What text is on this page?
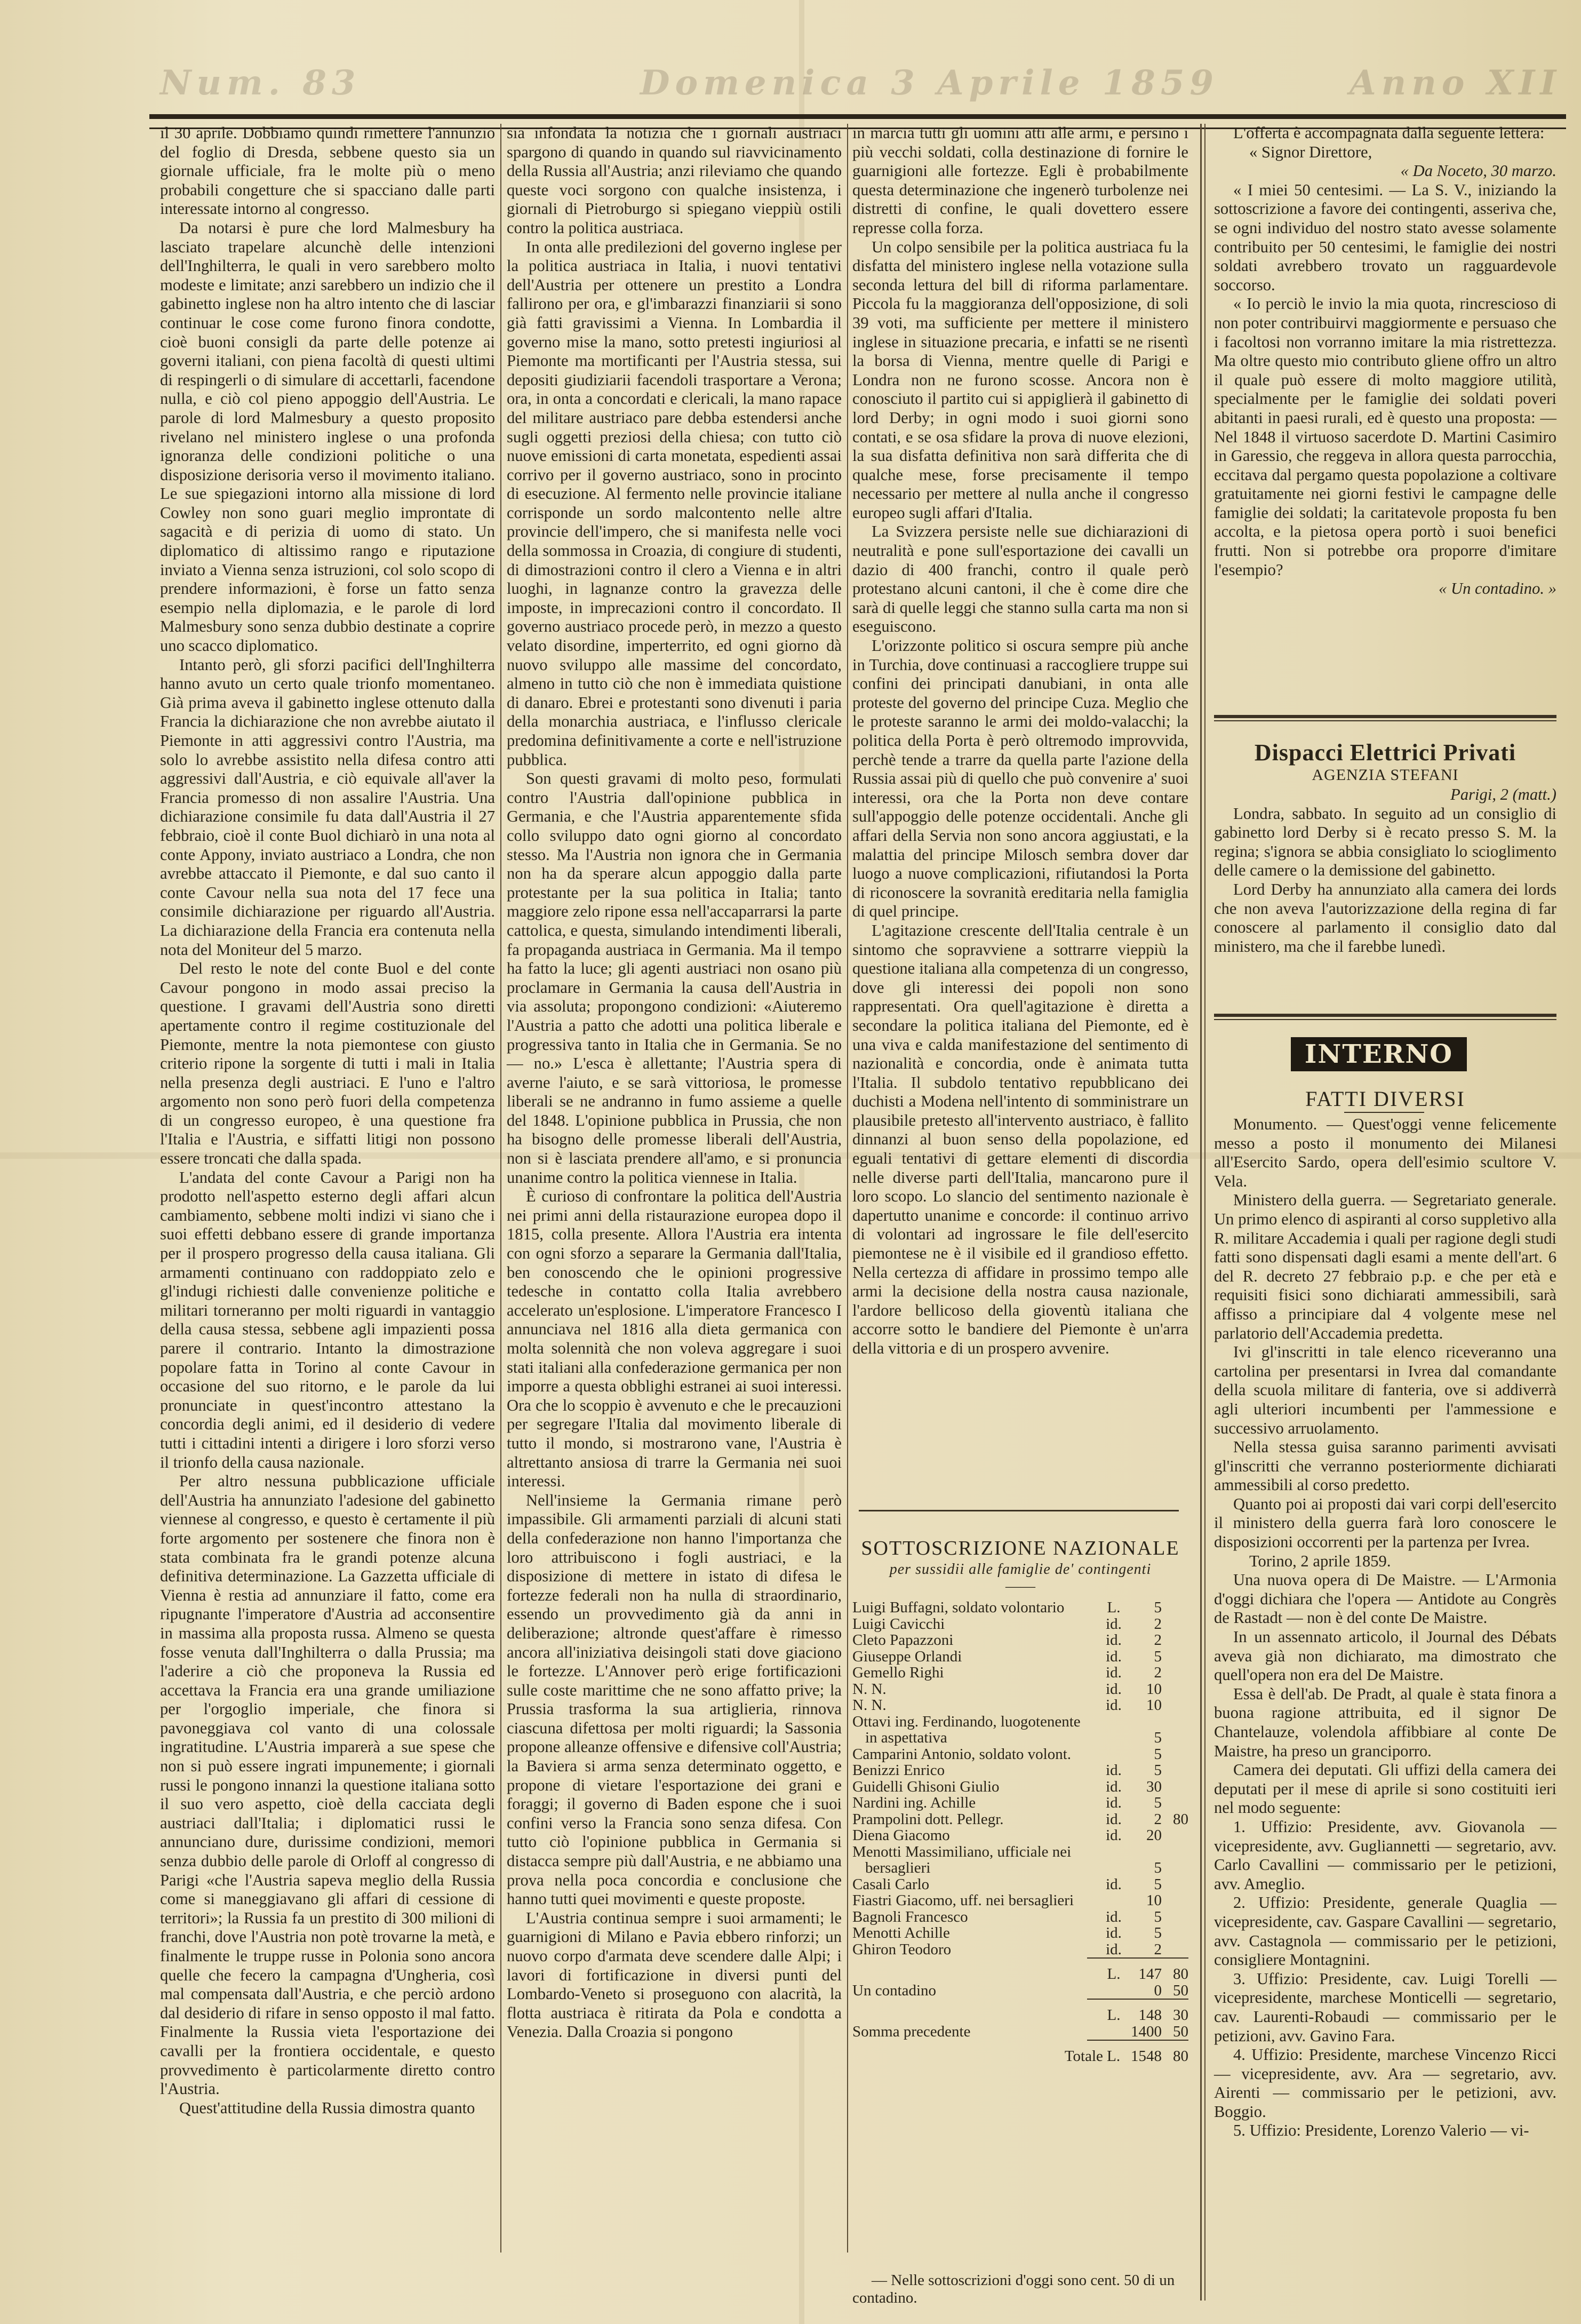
Num. 83	Domenica 3 Aprile 1859	Anno XII

il 30 aprile. Dobbiamo quindi rimettere l'annunzio del foglio di Dresda, sebbene questo sia un giornale ufficiale, fra le molte più o meno probabili congetture che si spacciano dalle parti interessate intorno al congresso.

Da notarsi è pure che lord Malmesbury ha lasciato trapelare alcunchè delle intenzioni dell'Inghilterra, le quali in vero sarebbero molto modeste e limitate; anzi sarebbero un indizio che il gabinetto inglese non ha altro intento che di lasciar continuar le cose come furono finora condotte, cioè buoni consigli da parte delle potenze ai governi italiani, con piena facoltà di questi ultimi di respingerli o di simulare di accettarli, facendone nulla, e ciò col pieno appoggio dell'Austria. Le parole di lord Malmesbury a questo proposito rivelano nel ministero inglese o una profonda ignoranza delle condizioni politiche o una disposizione derisoria verso il movimento italiano. Le sue spiegazioni intorno alla missione di lord Cowley non sono guari meglio improntate di sagacità e di perizia di uomo di stato. Un diplomatico di altissimo rango e riputazione inviato a Vienna senza istruzioni, col solo scopo di prendere informazioni, è forse un fatto senza esempio nella diplomazia, e le parole di lord Malmesbury sono senza dubbio destinate a coprire uno scacco diplomatico.

Intanto però, gli sforzi pacifici dell'Inghilterra hanno avuto un certo quale trionfo momentaneo. Già prima aveva il gabinetto inglese ottenuto dalla Francia la dichiarazione che non avrebbe aiutato il Piemonte in atti aggressivi contro l'Austria, ma solo lo avrebbe assistito nella difesa contro atti aggressivi dall'Austria, e ciò equivale all'aver la Francia promesso di non assalire l'Austria. Una dichiarazione consimile fu data dall'Austria il 27 febbraio, cioè il conte Buol dichiarò in una nota al conte Appony, inviato austriaco a Londra, che non avrebbe attaccato il Piemonte, e dal suo canto il conte Cavour nella sua nota del 17 fece una consimile dichiarazione per riguardo all'Austria. La dichiarazione della Francia era contenuta nella nota del Moniteur del 5 marzo.

Del resto le note del conte Buol e del conte Cavour pongono in modo assai preciso la questione. I gravami dell'Austria sono diretti apertamente contro il regime costituzionale del Piemonte, mentre la nota piemontese con giusto criterio ripone la sorgente di tutti i mali in Italia nella presenza degli austriaci. E l'uno e l'altro argomento non sono però fuori della competenza di un congresso europeo, è una questione fra l'Italia e l'Austria, e siffatti litigi non possono essere troncati che dalla spada.

L'andata del conte Cavour a Parigi non ha prodotto nell'aspetto esterno degli affari alcun cambiamento, sebbene molti indizi vi siano che i suoi effetti debbano essere di grande importanza per il prospero progresso della causa italiana. Gli armamenti continuano con raddoppiato zelo e gl'indugi richiesti dalle convenienze politiche e militari torneranno per molti riguardi in vantaggio della causa stessa, sebbene agli impazienti possa parere il contrario. Intanto la dimostrazione popolare fatta in Torino al conte Cavour in occasione del suo ritorno, e le parole da lui pronunciate in quest'incontro attestano la concordia degli animi, ed il desiderio di vedere tutti i cittadini intenti a dirigere i loro sforzi verso il trionfo della causa nazionale.

Per altro nessuna pubblicazione ufficiale dell'Austria ha annunziato l'adesione del gabinetto viennese al congresso, e questo è certamente il più forte argomento per sostenere che finora non è stata combinata fra le grandi potenze alcuna definitiva determinazione. La Gazzetta ufficiale di Vienna è restia ad annunziare il fatto, come era ripugnante l'imperatore d'Austria ad acconsentire in massima alla proposta russa. Almeno se questa fosse venuta dall'Inghilterra o dalla Prussia; ma l'aderire a ciò che proponeva la Russia ed accettava la Francia era una grande umiliazione per l'orgoglio imperiale, che finora si pavoneggiava col vanto di una colossale ingratitudine. L'Austria imparerà a sue spese che non si può essere ingrati impunemente; i giornali russi le pongono innanzi la questione italiana sotto il suo vero aspetto, cioè della cacciata degli austriaci dall'Italia; i diplomatici russi le annunciano dure, durissime condizioni, memori senza dubbio delle parole di Orloff al congresso di Parigi «che l'Austria sapeva meglio della Russia come si maneggiavano gli affari di cessione di territori»; la Russia fa un prestito di 300 milioni di franchi, dove l'Austria non potè trovarne la metà, e finalmente le truppe russe in Polonia sono ancora quelle che fecero la campagna d'Ungheria, così mal compensata dall'Austria, e che perciò ardono dal desiderio di rifare in senso opposto il mal fatto. Finalmente la Russia vieta l'esportazione dei cavalli per la frontiera occidentale, e questo provvedimento è particolarmente diretto contro l'Austria.

Quest'attitudine della Russia dimostra quanto

sia infondata la notizia che i giornali austriaci spargono di quando in quando sul riavvicinamento della Russia all'Austria; anzi rileviamo che quando queste voci sorgono con qualche insistenza, i giornali di Pietroburgo si spiegano vieppiù ostili contro la politica austriaca.

In onta alle predilezioni del governo inglese per la politica austriaca in Italia, i nuovi tentativi dell'Austria per ottenere un prestito a Londra fallirono per ora, e gl'imbarazzi finanziarii si sono già fatti gravissimi a Vienna. In Lombardia il governo mise la mano, sotto pretesti ingiuriosi al Piemonte ma mortificanti per l'Austria stessa, sui depositi giudiziarii facendoli trasportare a Verona; ora, in onta a concordati e clericali, la mano rapace del militare austriaco pare debba estendersi anche sugli oggetti preziosi della chiesa; con tutto ciò nuove emissioni di carta monetata, espedienti assai corrivo per il governo austriaco, sono in procinto di esecuzione. Al fermento nelle provincie italiane corrisponde un sordo malcontento nelle altre provincie dell'impero, che si manifesta nelle voci della sommossa in Croazia, di congiure di studenti, di dimostrazioni contro il clero a Vienna e in altri luoghi, in lagnanze contro la gravezza delle imposte, in imprecazioni contro il concordato. Il governo austriaco procede però, in mezzo a questo velato disordine, imperterrito, ed ogni giorno dà nuovo sviluppo alle massime del concordato, almeno in tutto ciò che non è immediata quistione di danaro. Ebrei e protestanti sono divenuti i paria della monarchia austriaca, e l'influsso clericale predomina definitivamente a corte e nell'istruzione pubblica.

Son questi gravami di molto peso, formulati contro l'Austria dall'opinione pubblica in Germania, e che l'Austria apparentemente sfida collo sviluppo dato ogni giorno al concordato stesso. Ma l'Austria non ignora che in Germania non ha da sperare alcun appoggio dalla parte protestante per la sua politica in Italia; tanto maggiore zelo ripone essa nell'accaparrarsi la parte cattolica, e questa, simulando intendimenti liberali, fa propaganda austriaca in Germania. Ma il tempo ha fatto la luce; gli agenti austriaci non osano più proclamare in Germania la causa dell'Austria in via assoluta; propongono condizioni: «Aiuteremo l'Austria a patto che adotti una politica liberale e progressiva tanto in Italia che in Germania. Se no — no.» L'esca è allettante; l'Austria spera di averne l'aiuto, e se sarà vittoriosa, le promesse liberali se ne andranno in fumo assieme a quelle del 1848. L'opinione pubblica in Prussia, che non ha bisogno delle promesse liberali dell'Austria, non si è lasciata prendere all'amo, e si pronuncia unanime contro la politica viennese in Italia.

È curioso di confrontare la politica dell'Austria nei primi anni della ristaurazione europea dopo il 1815, colla presente. Allora l'Austria era intenta con ogni sforzo a separare la Germania dall'Italia, ben conoscendo che le opinioni progressive tedesche in contatto colla Italia avrebbero accelerato un'esplosione. L'imperatore Francesco I annunciava nel 1816 alla dieta germanica con molta solennità che non voleva aggregare i suoi stati italiani alla confederazione germanica per non imporre a questa obblighi estranei ai suoi interessi. Ora che lo scoppio è avvenuto e che le precauzioni per segregare l'Italia dal movimento liberale di tutto il mondo, si mostrarono vane, l'Austria è altrettanto ansiosa di trarre la Germania nei suoi interessi.

Nell'insieme la Germania rimane però impassibile. Gli armamenti parziali di alcuni stati della confederazione non hanno l'importanza che loro attribuiscono i fogli austriaci, e la disposizione di mettere in istato di difesa le fortezze federali non ha nulla di straordinario, essendo un provvedimento già da anni in deliberazione; altronde quest'affare è rimesso ancora all'iniziativa deisingoli stati dove giaciono le fortezze. L'Annover però erige fortificazioni sulle coste marittime che ne sono affatto prive; la Prussia trasforma la sua artiglieria, rinnova ciascuna difettosa per molti riguardi; la Sassonia propone alleanze offensive e difensive coll'Austria; la Baviera si arma senza determinato oggetto, e propone di vietare l'esportazione dei grani e foraggi; il governo di Baden espone che i suoi confini verso la Francia sono senza difesa. Con tutto ciò l'opinione pubblica in Germania si distacca sempre più dall'Austria, e ne abbiamo una prova nella poca concordia e conclusione che hanno tutti quei movimenti e queste proposte.

L'Austria continua sempre i suoi armamenti; le guarnigioni di Milano e Pavia ebbero rinforzi; un nuovo corpo d'armata deve scendere dalle Alpi; i lavori di fortificazione in diversi punti del Lombardo-Veneto si proseguono con alacrità, la flotta austriaca è ritirata da Pola e condotta a Venezia. Dalla Croazia si pongono

in marcia tutti gli uomini atti alle armi, e persino i più vecchi soldati, colla destinazione di fornire le guarnigioni alle fortezze. Egli è probabilmente questa determinazione che ingenerò turbolenze nei distretti di confine, le quali dovettero essere represse colla forza.

Un colpo sensibile per la politica austriaca fu la disfatta del ministero inglese nella votazione sulla seconda lettura del bill di riforma parlamentare. Piccola fu la maggioranza dell'opposizione, di soli 39 voti, ma sufficiente per mettere il ministero inglese in situazione precaria, e infatti se ne risentì la borsa di Vienna, mentre quelle di Parigi e Londra non ne furono scosse. Ancora non è conosciuto il partito cui si appiglierà il gabinetto di lord Derby; in ogni modo i suoi giorni sono contati, e se osa sfidare la prova di nuove elezioni, la sua disfatta definitiva non sarà differita che di qualche mese, forse precisamente il tempo necessario per mettere al nulla anche il congresso europeo sugli affari d'Italia.

La Svizzera persiste nelle sue dichiarazioni di neutralità e pone sull'esportazione dei cavalli un dazio di 400 franchi, contro il quale però protestano alcuni cantoni, il che è come dire che sarà di quelle leggi che stanno sulla carta ma non si eseguiscono.

L'orizzonte politico si oscura sempre più anche in Turchia, dove continuasi a raccogliere truppe sui confini dei principati danubiani, in onta alle proteste del governo del principe Cuza. Meglio che le proteste saranno le armi dei moldo-valacchi; la politica della Porta è però oltremodo improvvida, perchè tende a trarre da quella parte l'azione della Russia assai più di quello che può convenire a' suoi interessi, ora che la Porta non deve contare sull'appoggio delle potenze occidentali. Anche gli affari della Servia non sono ancora aggiustati, e la malattia del principe Milosch sembra dover dar luogo a nuove complicazioni, rifiutandosi la Porta di riconoscere la sovranità ereditaria nella famiglia di quel principe.

L'agitazione crescente dell'Italia centrale è un sintomo che sopravviene a sottrarre vieppiù la questione italiana alla competenza di un congresso, dove gli interessi dei popoli non sono rappresentati. Ora quell'agitazione è diretta a secondare la politica italiana del Piemonte, ed è una viva e calda manifestazione del sentimento di nazionalità e concordia, onde è animata tutta l'Italia. Il subdolo tentativo repubblicano dei duchisti a Modena nell'intento di somministrare un plausibile pretesto all'intervento austriaco, è fallito dinnanzi al buon senso della popolazione, ed eguali tentativi di gettare elementi di discordia nelle diverse parti dell'Italia, mancarono pure il loro scopo. Lo slancio del sentimento nazionale è dapertutto unanime e concorde: il continuo arrivo di volontari ad ingrossare le file dell'esercito piemontese ne è il visibile ed il grandioso effetto. Nella certezza di affidare in prossimo tempo alle armi la decisione della nostra causa nazionale, l'ardore bellicoso della gioventù italiana che accorre sotto le bandiere del Piemonte è un'arra della vittoria e di un prospero avvenire.

SOTTOSCRIZIONE NAZIONALE
per sussidii alle famiglie de' contingenti
——
Luigi Buffagni, soldato volontario	L.	5
Luigi Cavicchi	id.	2
Cleto Papazzoni	id.	2
Giuseppe Orlandi	id.	5
Gemello Righi	id.	2
N. N.	id.	10
N. N.	id.	10
Ottavi ing. Ferdinando, luogotenente
in aspettativa	5
Camparini Antonio, soldato volont.	5
Benizzi Enrico	id.	5
Guidelli Ghisoni Giulio	id.	30
Nardini ing. Achille	id.	5
Prampolini dott. Pellegr.	id.	2 80
Diena Giacomo	id.	20
Menotti Massimiliano, ufficiale nei
bersaglieri	5
Casali Carlo	id.	5
Fiastri Giacomo, uff. nei bersaglieri	10
Bagnoli Francesco	id.	5
Menotti Achille	id.	5
Ghiron Teodoro	id.	2
L.	147 80
Un contadino	0 50
L.	148 30
Somma precedente	1400 50
Totale L. 1548 80

— Nelle sottoscrizioni d'oggi sono cent. 50 di un contadino.

L'offerta è accompagnata dalla seguente lettera:

« Signor Direttore,

« Da Noceto, 30 marzo.

« I miei 50 centesimi. — La S. V., iniziando la sottoscrizione a favore dei contingenti, asseriva che, se ogni individuo del nostro stato avesse solamente contribuito per 50 centesimi, le famiglie dei nostri soldati avrebbero trovato un ragguardevole soccorso.

« Io perciò le invio la mia quota, rincrescioso di non poter contribuirvi maggiormente e persuaso che i facoltosi non vorranno imitare la mia ristrettezza. Ma oltre questo mio contributo gliene offro un altro il quale può essere di molto maggiore utilità, specialmente per le famiglie dei soldati poveri abitanti in paesi rurali, ed è questo una proposta: — Nel 1848 il virtuoso sacerdote D. Martini Casimiro in Garessio, che reggeva in allora questa parrocchia, eccitava dal pergamo questa popolazione a coltivare gratuitamente nei giorni festivi le campagne delle famiglie dei soldati; la caritatevole proposta fu ben accolta, e la pietosa opera portò i suoi benefici frutti. Non si potrebbe ora proporre d'imitare l'esempio?

« Un contadino. »

Dispacci Elettrici Privati
AGENZIA STEFANI

Parigi, 2 (matt.)

Londra, sabbato. In seguito ad un consiglio di gabinetto lord Derby si è recato presso S. M. la regina; s'ignora se abbia consigliato lo scioglimento delle camere o la demissione del gabinetto.

Lord Derby ha annunziato alla camera dei lords che non aveva l'autorizzazione della regina di far conoscere al parlamento il consiglio dato dal ministero, ma che il farebbe lunedì.

INTERNO
FATTI DIVERSI

Monumento. — Quest'oggi venne felicemente messo a posto il monumento dei Milanesi all'Esercito Sardo, opera dell'esimio scultore V. Vela.

Ministero della guerra. — Segretariato generale. Un primo elenco di aspiranti al corso suppletivo alla R. militare Accademia i quali per ragione degli studi fatti sono dispensati dagli esami a mente dell'art. 6 del R. decreto 27 febbraio p.p. e che per età e requisiti fisici sono dichiarati ammessibili, sarà affisso a principiare dal 4 volgente mese nel parlatorio dell'Accademia predetta.

Ivi gl'inscritti in tale elenco riceveranno una cartolina per presentarsi in Ivrea dal comandante della scuola militare di fanteria, ove si addiverrà agli ulteriori incumbenti per l'ammessione e successivo arruolamento.

Nella stessa guisa saranno parimenti avvisati gl'inscritti che verranno posteriormente dichiarati ammessibili al corso predetto.

Quanto poi ai proposti dai vari corpi dell'esercito il ministero della guerra farà loro conoscere le disposizioni occorrenti per la partenza per Ivrea.

Torino, 2 aprile 1859.

Una nuova opera di De Maistre. — L'Armonia d'oggi dichiara che l'opera — Antidote au Congrès de Rastadt — non è del conte De Maistre.

In un assennato articolo, il Journal des Débats aveva già non dichiarato, ma dimostrato che quell'opera non era del De Maistre.

Essa è dell'ab. De Pradt, al quale è stata finora a buona ragione attribuita, ed il signor De Chantelauze, volendola affibbiare al conte De Maistre, ha preso un granciporro.

Camera dei deputati. Gli uffizi della camera dei deputati per il mese di aprile si sono costituiti ieri nel modo seguente:

1. Uffizio: Presidente, avv. Giovanola — vicepresidente, avv. Gugliannetti — segretario, avv. Carlo Cavallini — commissario per le petizioni, avv. Ameglio.

2. Uffizio: Presidente, generale Quaglia — vicepresidente, cav. Gaspare Cavallini — segretario, avv. Castagnola — commissario per le petizioni, consigliere Montagnini.

3. Uffizio: Presidente, cav. Luigi Torelli — vicepresidente, marchese Monticelli — segretario, cav. Laurenti-Robaudi — commissario per le petizioni, avv. Gavino Fara.

4. Uffizio: Presidente, marchese Vincenzo Ricci — vicepresidente, avv. Ara — segretario, avv. Airenti — commissario per le petizioni, avv. Boggio.

5. Uffizio: Presidente, Lorenzo Valerio — vi-
